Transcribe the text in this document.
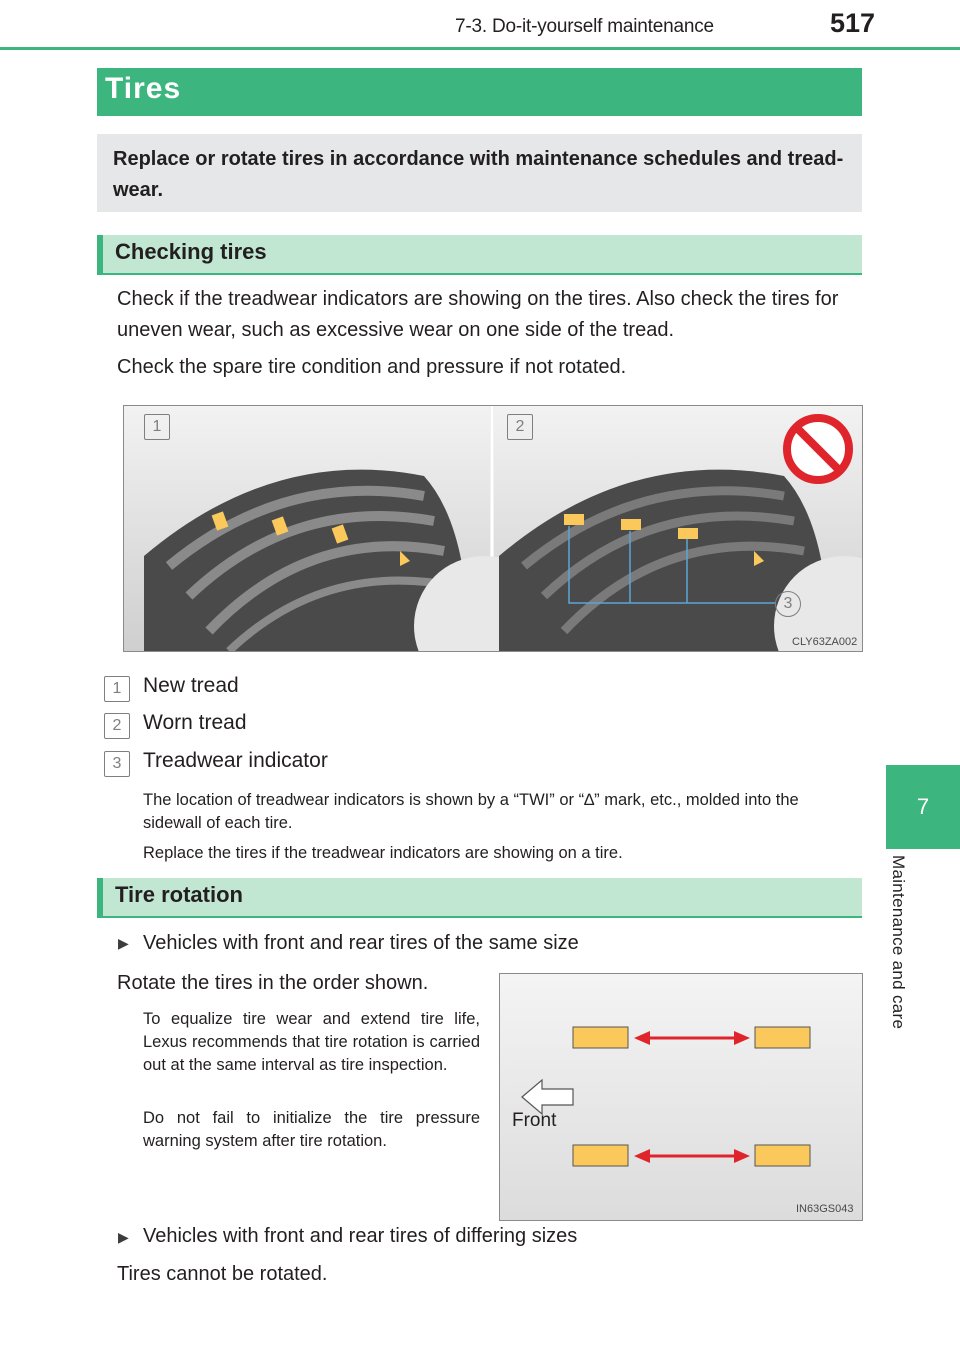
7-3. Do-it-yourself maintenance	517
7
Maintenance and care
Tires
Replace or rotate tires in accordance with maintenance schedules and tread-wear.
Checking tires
Check if the treadwear indicators are showing on the tires. Also check the tires for uneven wear, such as excessive wear on one side of the tread.
Check the spare tire condition and pressure if not rotated.
1	2
3
CLY63ZA002
1	New tread
2	Worn tread
3	Treadwear indicator
The location of treadwear indicators is shown by a “TWI” or “∆” mark, etc., molded into the sidewall of each tire.
Replace the tires if the treadwear indicators are showing on a tire.
Tire rotation
▶ Vehicles with front and rear tires of the same size
Rotate the tires in the order shown.
To equalize tire wear and extend tire life, Lexus recommends that tire rotation is carried out at the same interval as tire inspection.
Do not fail to initialize the tire pressure warning system after tire rotation.
Front
IN63GS043
▶ Vehicles with front and rear tires of differing sizes
Tires cannot be rotated.
